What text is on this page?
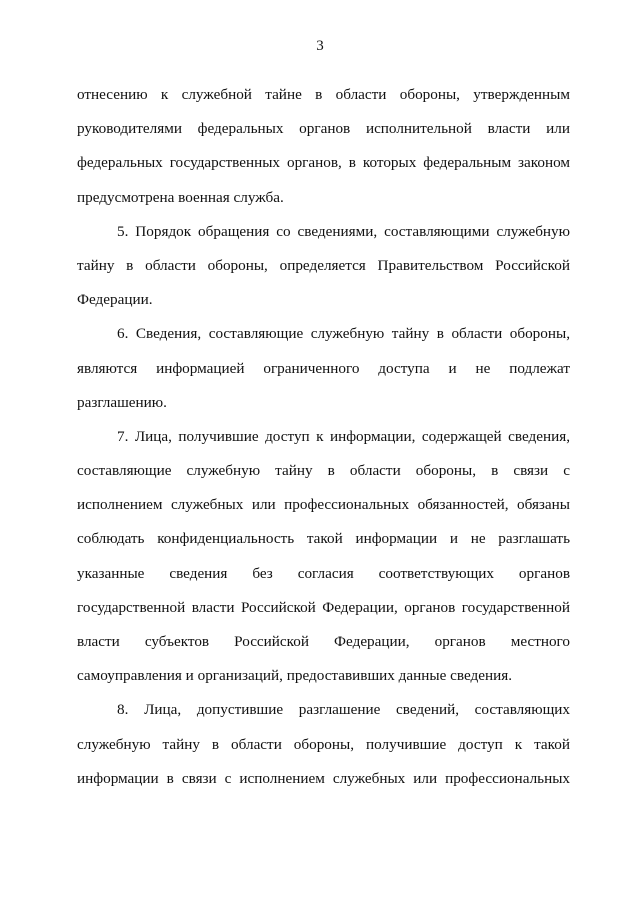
3
отнесению к служебной тайне в области обороны, утвержденным
руководителями федеральных органов исполнительной власти или
федеральных государственных органов, в которых федеральным законом
предусмотрена военная служба.
5. Порядок обращения со сведениями, составляющими служебную
тайну в области обороны, определяется Правительством Российской
Федерации.
6. Сведения, составляющие служебную тайну в области обороны,
являются информацией ограниченного доступа и не подлежат
разглашению.
7. Лица, получившие доступ к информации, содержащей сведения,
составляющие служебную тайну в области обороны, в связи с
исполнением служебных или профессиональных обязанностей, обязаны
соблюдать конфиденциальность такой информации и не разглашать
указанные сведения без согласия соответствующих органов
государственной власти Российской Федерации, органов государственной
власти субъектов Российской Федерации, органов местного
самоуправления и организаций, предоставивших данные сведения.
8. Лица, допустившие разглашение сведений, составляющих
служебную тайну в области обороны, получившие доступ к такой
информации в связи с исполнением служебных или профессиональных
